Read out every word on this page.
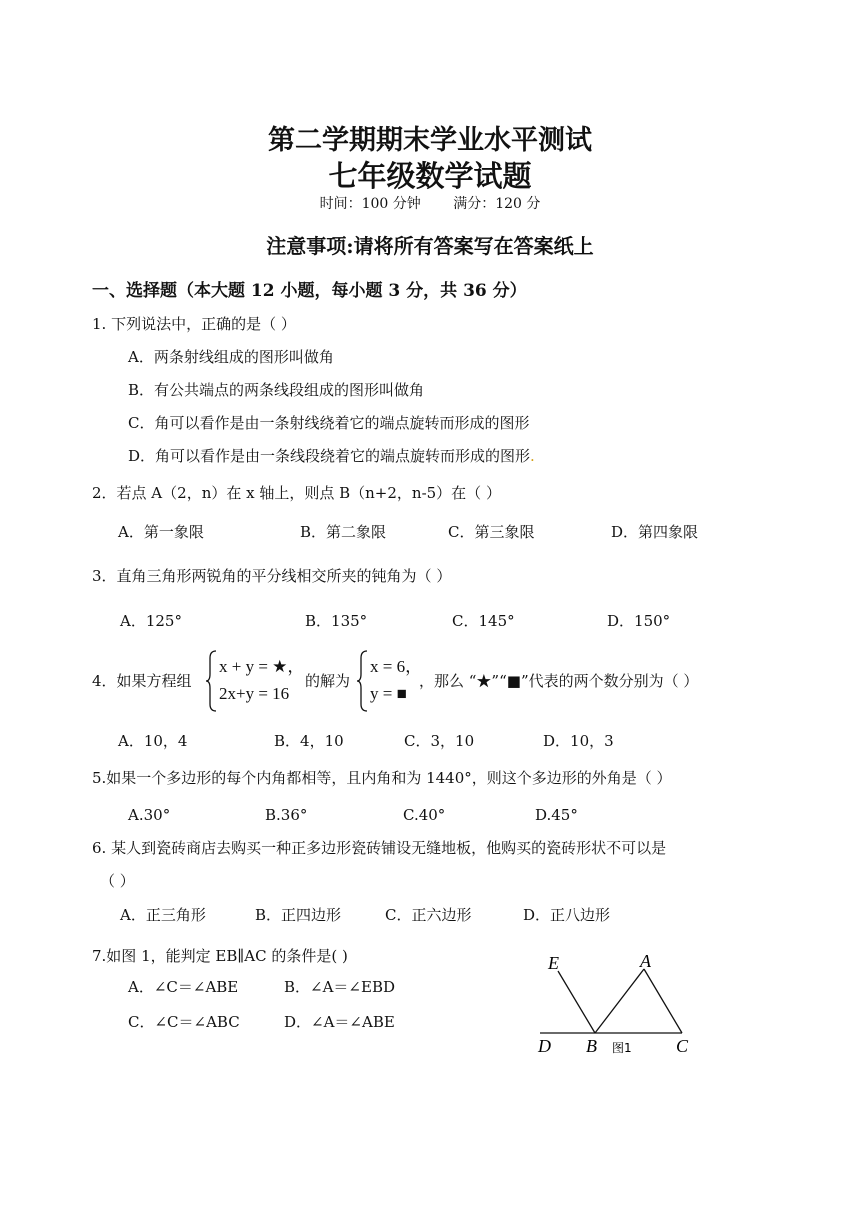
第二学期期末学业水平测试
七年级数学试题
时间：100 分钟 满分：120 分
注意事项:请将所有答案写在答案纸上
一、选择题（本大题 12 小题，每小题 3 分，共 36 分）
1. 下列说法中，正确的是（ ）
A．两条射线组成的图形叫做角
B．有公共端点的两条线段组成的图形叫做角
C．角可以看作是由一条射线绕着它的端点旋转而形成的图形
D．角可以看作是由一条线段绕着它的端点旋转而形成的图形.
2．若点 A（2，n）在 x 轴上，则点 B（n+2，n-5）在（ ）
A．第一象限	B．第二象限	C．第三象限	D．第四象限
3．直角三角形两锐角的平分线相交所夹的钝角为（ ）
A．125°	B．135°	C．145°	D．150°
4．如果方程组
x + y = ★，
2x+y = 16
的解为
x = 6，
y = ■
，那么 “★”“■”代表的两个数分别为（ ）
A．10，4	B．4，10	C．3，10	D．10，3
5.如果一个多边形的每个内角都相等，且内角和为 1440°，则这个多边形的外角是（ ）
A.30°	B.36°	C.40°	D.45°
6. 某人到瓷砖商店去购买一种正多边形瓷砖铺设无缝地板，他购买的瓷砖形状不可以是
（ ）
A．正三角形	B．正四边形	C．正六边形	D．正八边形
7.如图 1，能判定 EB∥AC 的条件是( )
A．∠C＝∠ABE	B．∠A＝∠EBD
C．∠C＝∠ABC	D．∠A＝∠ABE
E	A
D B	C
图1
